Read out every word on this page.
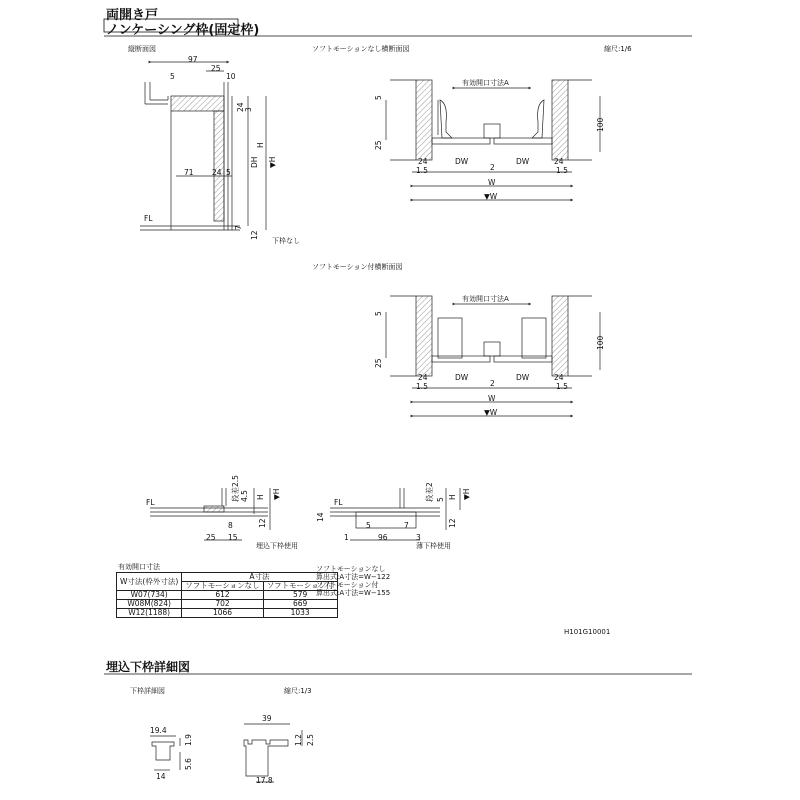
両開き戸
ノンケーシング枠(固定枠)
縦断面図
97
25
5	10
24 3
71 24 5
DH
H
▼H
7
12
FL
下枠なし
縮尺:1/6
ソフトモーションなし横断面図
有効開口寸法A
5
25
100
24	DW
2
DW	24
1.5	1.5
W
▼W
ソフトモーション付横断面図
有効開口寸法A
5
25
100
24	DW
2
DW	24
1.5	1.5
W
▼W
FL
段差2.5 4.5 H ▼H
8	12
25 15
埋込下枠使用
FL
段差2 5 H ▼H
14
5	7	12
1	96	3
薄下枠使用
有効開口寸法
W寸法(枠外寸法)	A寸法	
	ソフトモーションなし	ソフトモーション付
W07(734)	612	579
W08M(824)	702	669
W12(1188)	1066	1033
ソフトモーションなし
算出式:A寸法=W−122
ソフトモーション付
算出式:A寸法=W−155
H101G10001
埋込下枠詳細図
下枠詳細図	縮尺:1/3
19.4
1.9
5.6
14
39
1.2 2.5
17.8
